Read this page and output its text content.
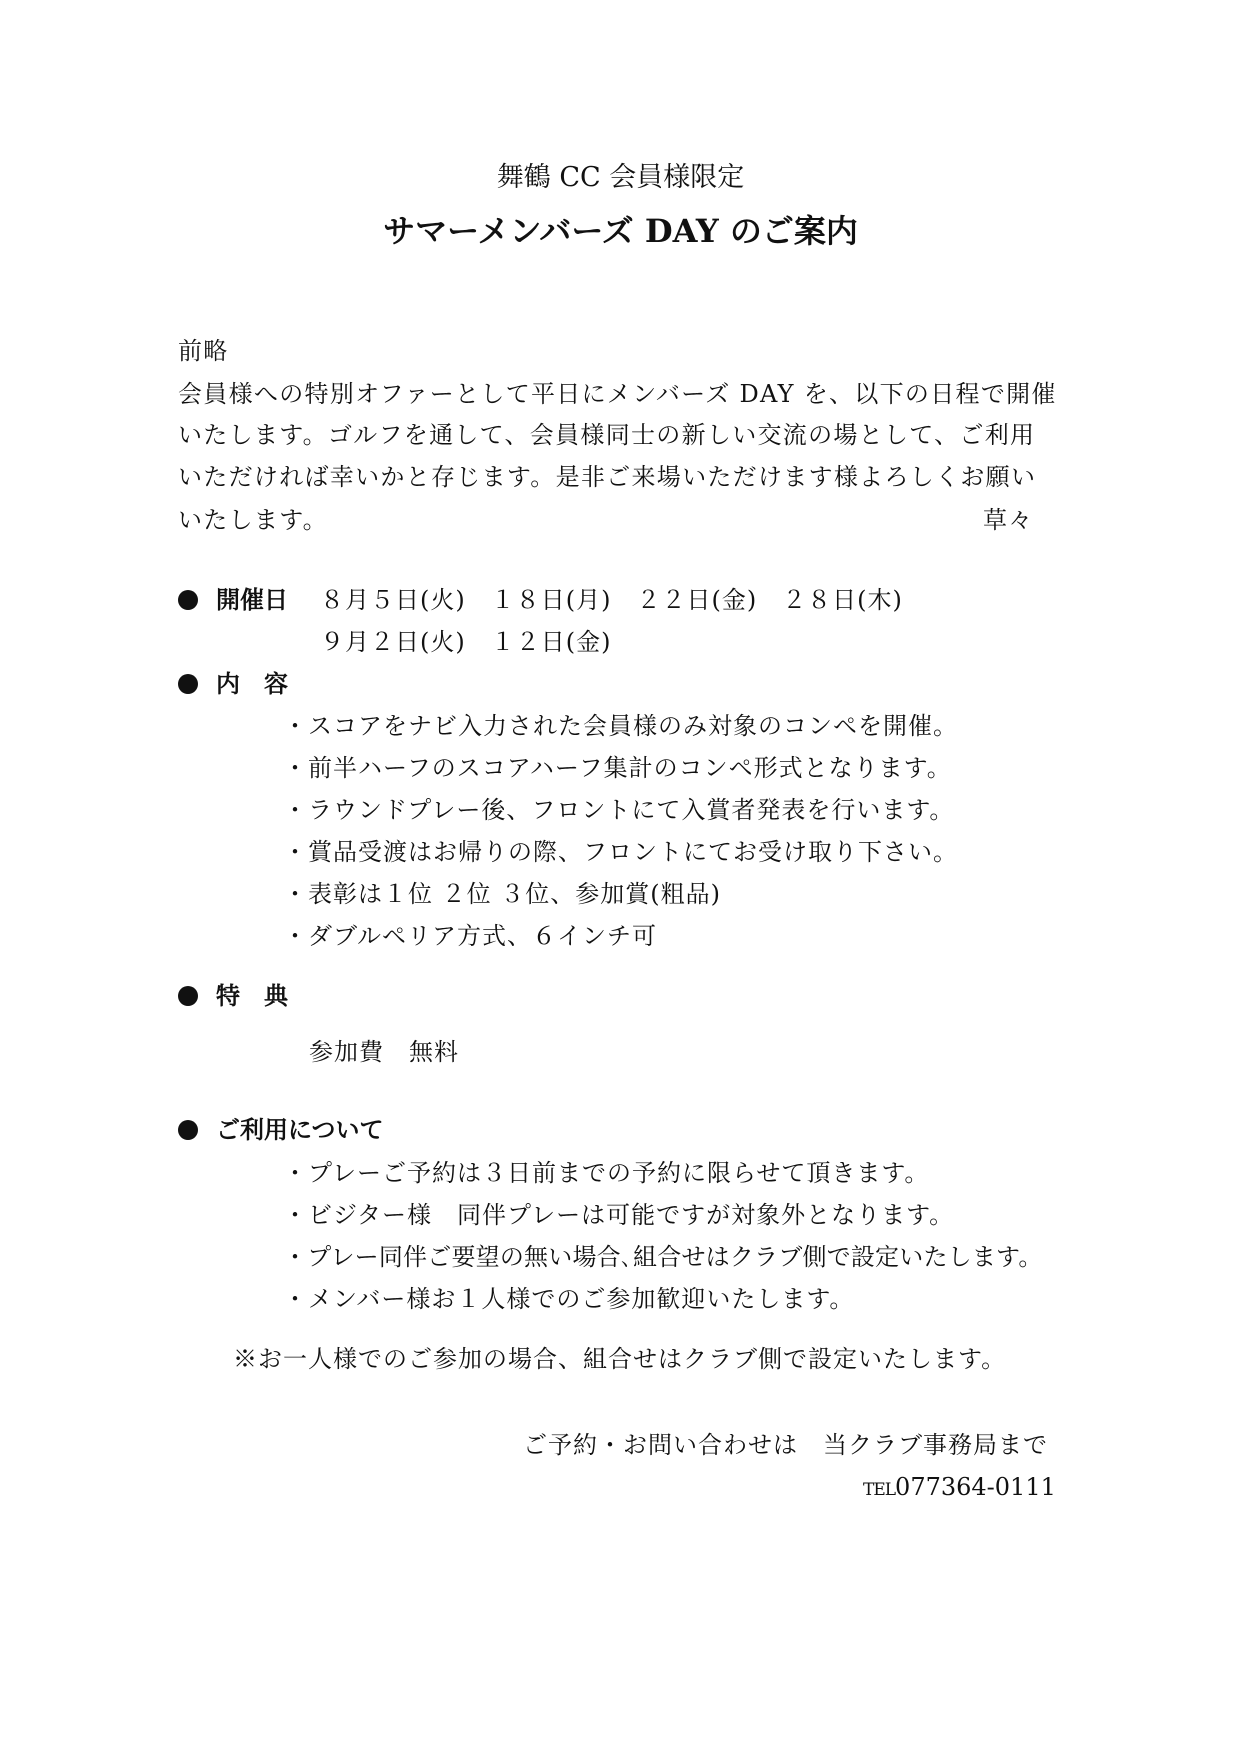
舞鶴 CC 会員様限定
サマーメンバーズ DAY のご案内
前略
会員様への特別オファーとして平日にメンバーズ DAY を、以下の日程で開催
いたします。ゴルフを通して、会員様同士の新しい交流の場として、ご利用
いただければ幸いかと存じます。是非ご来場いただけます様よろしくお願い
いたします。	草々
開催日 ８月５日(火)　１８日(月)　２２日(金)　２８日(木)
９月２日(火)　１２日(金)
内　容
・スコアをナビ入力された会員様のみ対象のコンペを開催。
・前半ハーフのスコアハーフ集計のコンペ形式となります。
・ラウンドプレー後、フロントにて入賞者発表を行います。
・賞品受渡はお帰りの際、フロントにてお受け取り下さい。
・表彰は１位 ２位 ３位、参加賞(粗品)
・ダブルペリア方式、６インチ可
特　典
参加費　無料
ご利用について
・プレーご予約は３日前までの予約に限らせて頂きます。
・ビジター様　同伴プレーは可能ですが対象外となります。
・プレー同伴ご要望の無い場合､組合せはクラブ側で設定いたします。
・メンバー様お１人様でのご参加歓迎いたします。
※お一人様でのご参加の場合、組合せはクラブ側で設定いたします。
ご予約・お問い合わせは　当クラブ事務局まで
TEL077364-0111
